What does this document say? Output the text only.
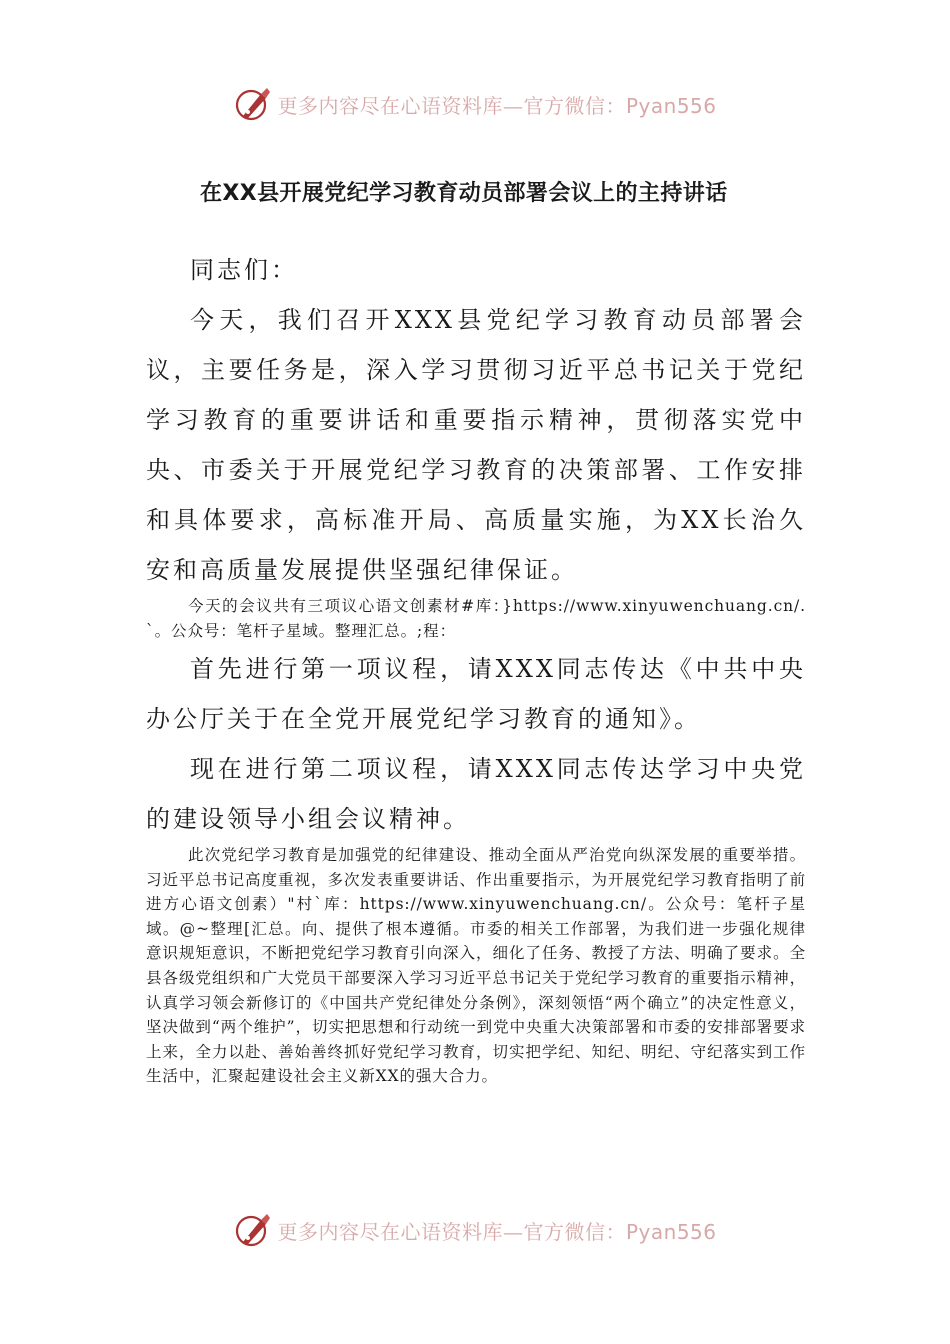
更多内容尽在心语资料库—官方微信：Pyan556
在XX县开展党纪学习教育动员部署会议上的主持讲话
同志们：
今天，我们召开XXX县党纪学习教育动员部署会议，主要任务是，深入学习贯彻习近平总书记关于党纪学习教育的重要讲话和重要指示精神，贯彻落实党中央、市委关于开展党纪学习教育的决策部署、工作安排和具体要求，高标准开局、高质量实施，为XX长治久安和高质量发展提供坚强纪律保证。
今天的会议共有三项议心语文创素材#库：}https://www.xinyuwenchuang.cn/.`。公众号：笔杆子星域。整理汇总。;程：
首先进行第一项议程，请XXX同志传达《中共中央办公厅关于在全党开展党纪学习教育的通知》。
现在进行第二项议程，请XXX同志传达学习中央党的建设领导小组会议精神。
此次党纪学习教育是加强党的纪律建设、推动全面从严治党向纵深发展的重要举措。习近平总书记高度重视，多次发表重要讲话、作出重要指示，为开展党纪学习教育指明了前进方心语文创素）"村`库：https://www.xinyuwenchuang.cn/。公众号：笔杆子星域。@~整理[汇总。向、提供了根本遵循。市委的相关工作部署，为我们进一步强化规律意识规矩意识，不断把党纪学习教育引向深入，细化了任务、教授了方法、明确了要求。全县各级党组织和广大党员干部要深入学习习近平总书记关于党纪学习教育的重要指示精神，认真学习领会新修订的《中国共产党纪律处分条例》，深刻领悟“两个确立”的决定性意义，坚决做到“两个维护”，切实把思想和行动统一到党中央重大决策部署和市委的安排部署要求上来，全力以赴、善始善终抓好党纪学习教育，切实把学纪、知纪、明纪、守纪落实到工作生活中，汇聚起建设社会主义新XX的强大合力。
更多内容尽在心语资料库—官方微信：Pyan556
